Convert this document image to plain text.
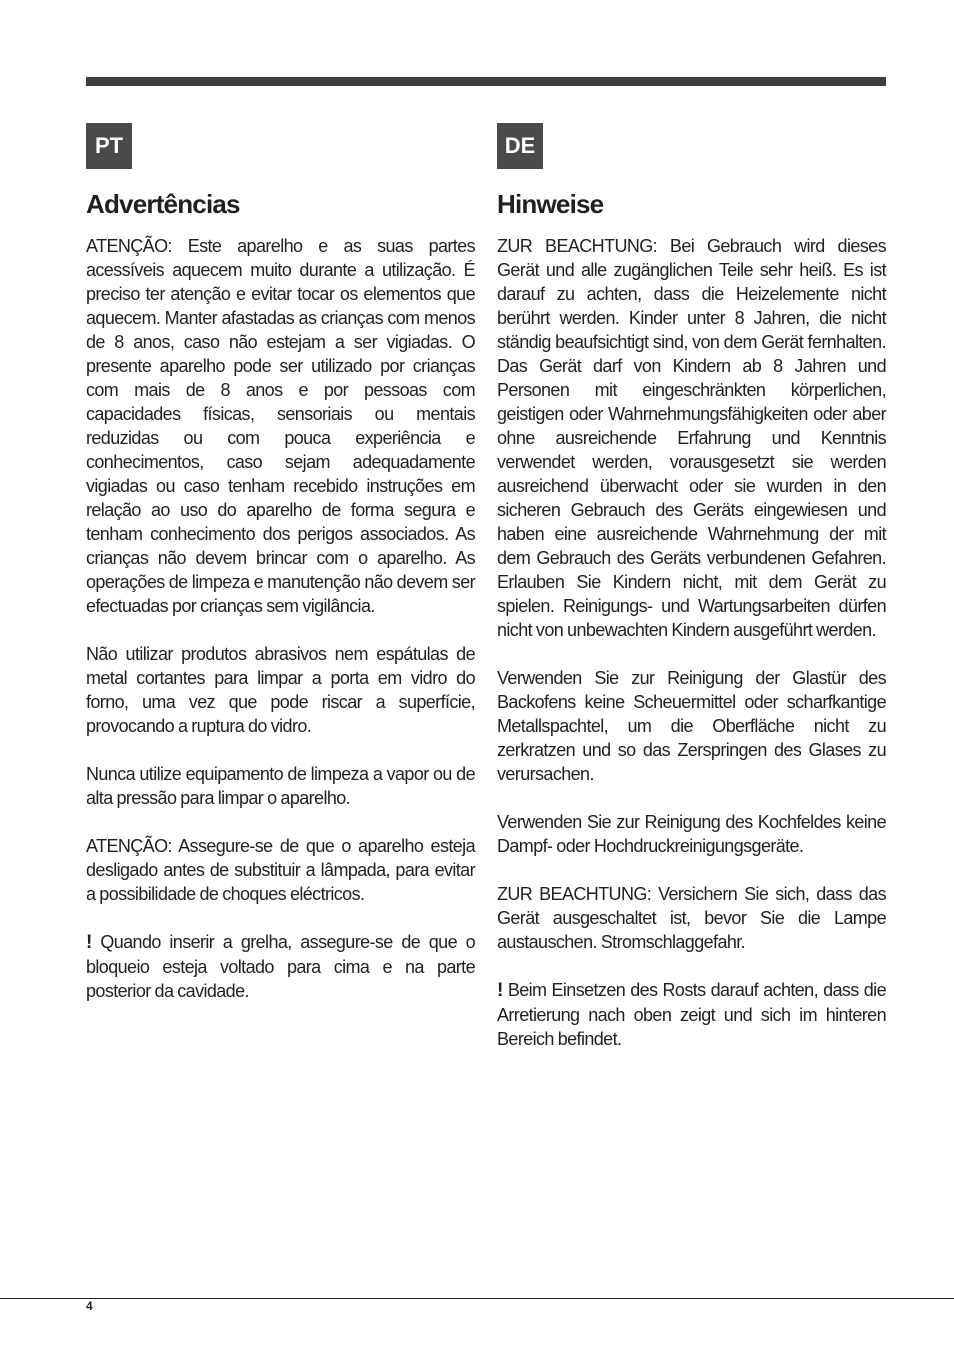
PT
Advertências

ATENÇÃO: Este aparelho e as suas partes acessíveis aquecem muito durante a utilização. É preciso ter atenção e evitar tocar os elementos que aquecem. Manter afastadas as crianças com menos de 8 anos, caso não estejam a ser vigiadas. O presente aparelho pode ser utilizado por crianças com mais de 8 anos e por pessoas com capacidades físicas, sensoriais ou mentais reduzidas ou com pouca experiência e conhecimentos, caso sejam adequadamente vigiadas ou caso tenham recebido instruções em relação ao uso do aparelho de forma segura e tenham conhecimento dos perigos associados. As crianças não devem brincar com o aparelho. As operações de limpeza e manutenção não devem ser efectuadas por crianças sem vigilância.

Não utilizar produtos abrasivos nem espátulas de metal cortantes para limpar a porta em vidro do forno, uma vez que pode riscar a superfície, provocando a ruptura do vidro.

Nunca utilize equipamento de limpeza a vapor ou de alta pressão para limpar o aparelho.

ATENÇÃO: Assegure-se de que o aparelho esteja desligado antes de substituir a lâmpada, para evitar a possibilidade de choques eléctricos.

! Quando inserir a grelha, assegure-se de que o bloqueio esteja voltado para cima e na parte posterior da cavidade.

DE
Hinweise

ZUR BEACHTUNG: Bei Gebrauch wird dieses Gerät und alle zugänglichen Teile sehr heiß. Es ist darauf zu achten, dass die Heizelemente nicht berührt werden. Kinder unter 8 Jahren, die nicht ständig beaufsichtigt sind, von dem Gerät fernhalten. Das Gerät darf von Kindern ab 8 Jahren und Personen mit eingeschränkten körperlichen, geistigen oder Wahrnehmungsfähigkeiten oder aber ohne ausreichende Erfahrung und Kenntnis verwendet werden, vorausgesetzt sie werden ausreichend überwacht oder sie wurden in den sicheren Gebrauch des Geräts eingewiesen und haben eine ausreichende Wahrnehmung der mit dem Gebrauch des Geräts verbundenen Gefahren. Erlauben Sie Kindern nicht, mit dem Gerät zu spielen. Reinigungs- und Wartungsarbeiten dürfen nicht von unbewachten Kindern ausgeführt werden.

Verwenden Sie zur Reinigung der Glastür des Backofens keine Scheuermittel oder scharfkantige Metallspachtel, um die Oberfläche nicht zu zerkratzen und so das Zerspringen des Glases zu verursachen.

Verwenden Sie zur Reinigung des Kochfeldes keine Dampf- oder Hochdruckreinigungsgeräte.

ZUR BEACHTUNG: Versichern Sie sich, dass das Gerät ausgeschaltet ist, bevor Sie die Lampe austauschen. Stromschlaggefahr.

! Beim Einsetzen des Rosts darauf achten, dass die Arretierung nach oben zeigt und sich im hinteren Bereich befindet.

4
